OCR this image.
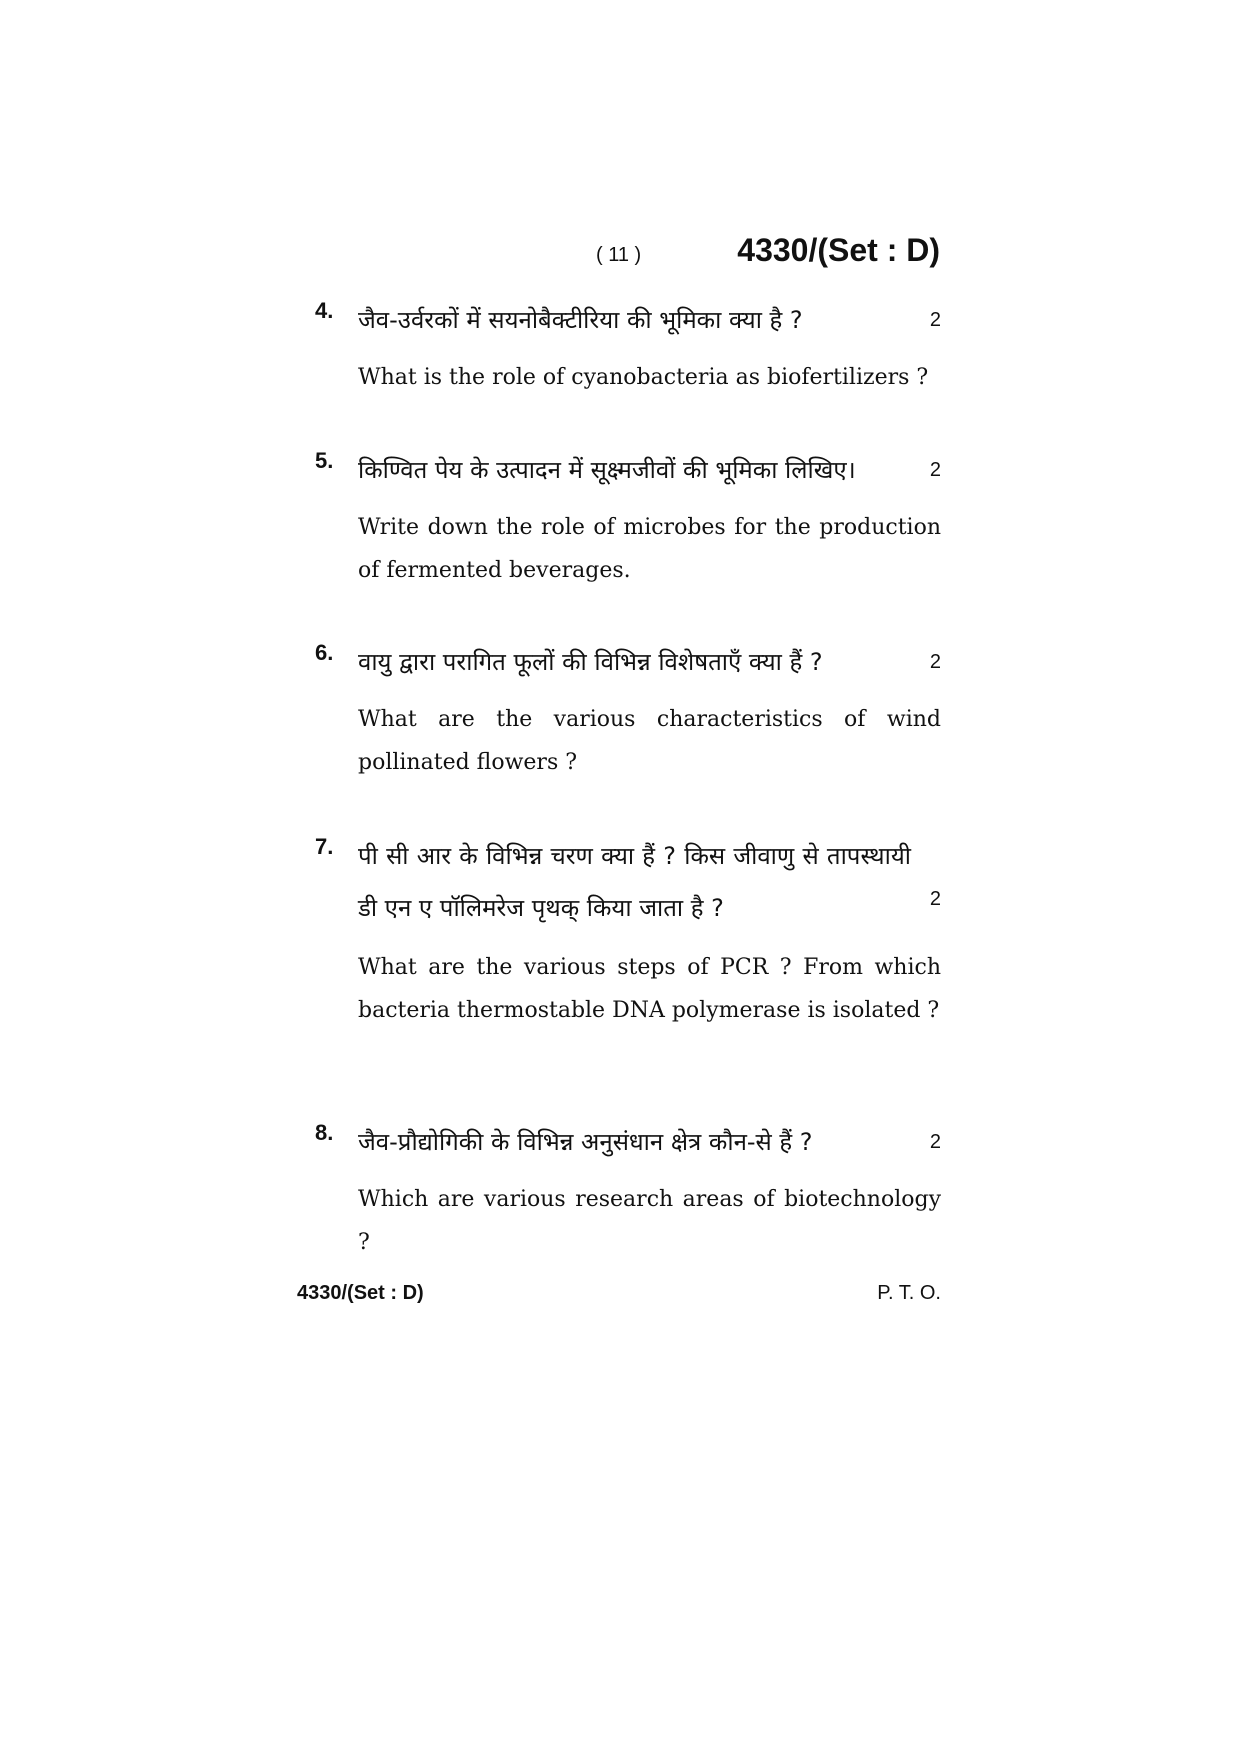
( 11 )	4330/(Set : D)
4.	2
जैव-उर्वरकों में सयनोबैक्टीरिया की भूमिका क्या है ?
What is the role of cyanobacteria as biofertilizers ?
5.	2
किण्वित पेय के उत्पादन में सूक्ष्मजीवों की भूमिका लिखिए।
Write down the role of microbes for the production of fermented beverages.
6.	2
वायु द्वारा परागित फूलों की विभिन्न विशेषताएँ क्या हैं ?
What are the various characteristics of wind pollinated flowers ?
7. पी सी आर के विभिन्न चरण क्या हैं ? किस जीवाणु से तापस्थायी डी एन ए पॉलिमरेज पृथक् किया जाता है ?	2
What are the various steps of PCR ? From which bacteria thermostable DNA polymerase is isolated ?
8.	2
जैव-प्रौद्योगिकी के विभिन्न अनुसंधान क्षेत्र कौन-से हैं ?
Which are various research areas of biotechnology ?
4330/(Set : D)	P. T. O.
